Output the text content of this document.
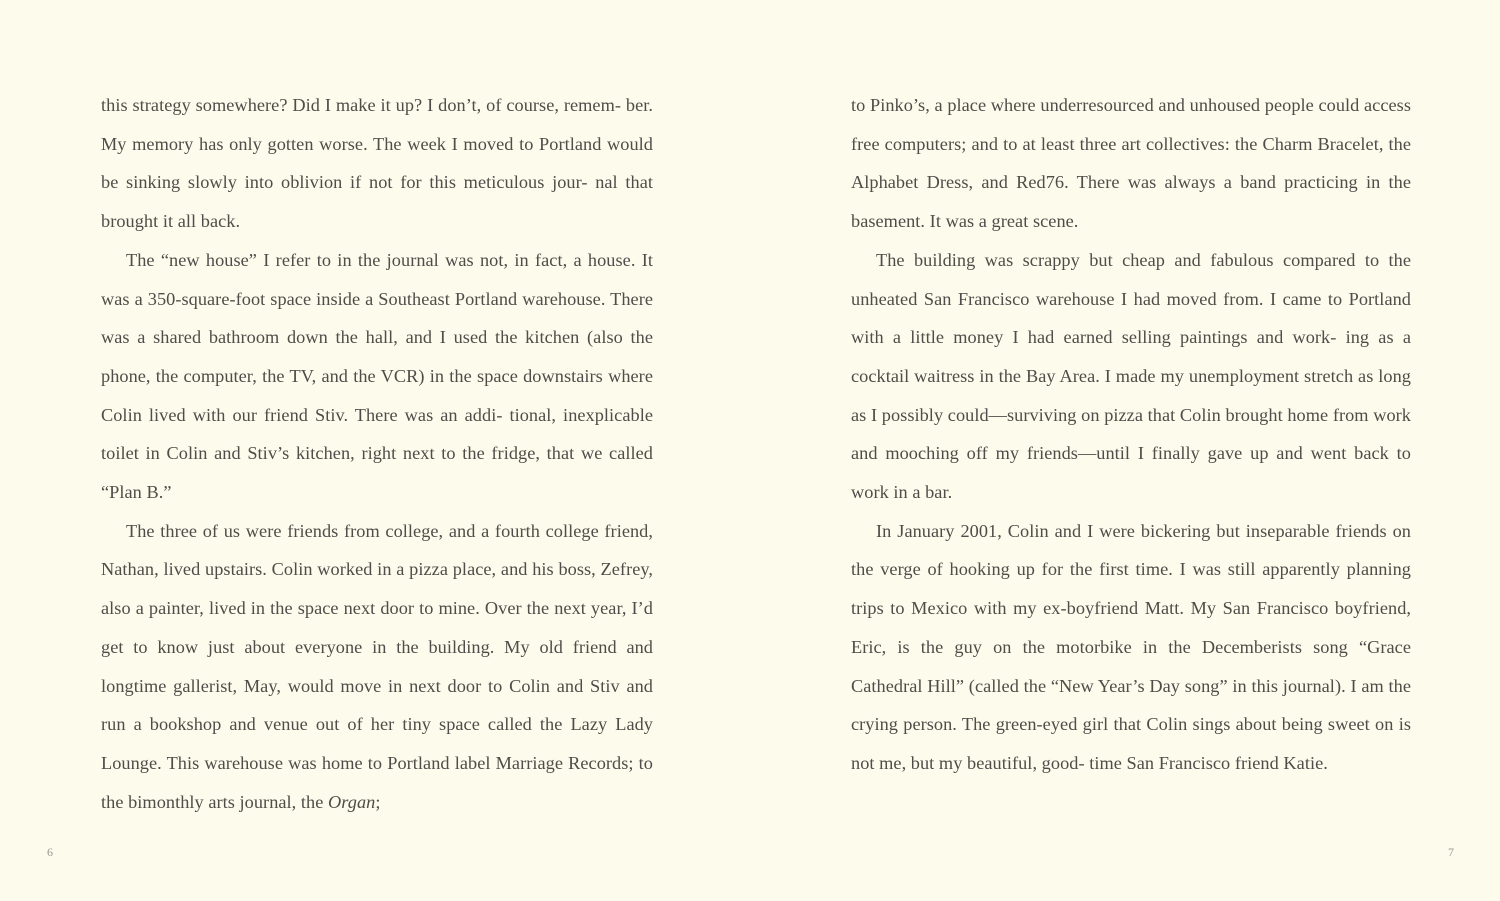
this strategy somewhere? Did I make it up? I don’t, of course, remem- ber. My memory has only gotten worse. The week I moved to Portland would be sinking slowly into oblivion if not for this meticulous jour- nal that brought it all back.

The “new house” I refer to in the journal was not, in fact, a house. It was a 350-square-foot space inside a Southeast Portland warehouse. There was a shared bathroom down the hall, and I used the kitchen (also the phone, the computer, the TV, and the VCR) in the space downstairs where Colin lived with our friend Stiv. There was an addi- tional, inexplicable toilet in Colin and Stiv’s kitchen, right next to the fridge, that we called “Plan B.”

The three of us were friends from college, and a fourth college friend, Nathan, lived upstairs. Colin worked in a pizza place, and his boss, Zefrey, also a painter, lived in the space next door to mine. Over the next year, I’d get to know just about everyone in the building. My old friend and longtime gallerist, May, would move in next door to Colin and Stiv and run a bookshop and venue out of her tiny space called the Lazy Lady Lounge. This warehouse was home to Portland label Marriage Records; to the bimonthly arts journal, the Organ;

6

to Pinko’s, a place where underresourced and unhoused people could access free computers; and to at least three art collectives: the Charm Bracelet, the Alphabet Dress, and Red76. There was always a band practicing in the basement. It was a great scene.

The building was scrappy but cheap and fabulous compared to the unheated San Francisco warehouse I had moved from. I came to Portland with a little money I had earned selling paintings and work- ing as a cocktail waitress in the Bay Area. I made my unemployment stretch as long as I possibly could—surviving on pizza that Colin brought home from work and mooching off my friends—until I finally gave up and went back to work in a bar.

In January 2001, Colin and I were bickering but inseparable friends on the verge of hooking up for the first time. I was still apparently planning trips to Mexico with my ex-boyfriend Matt. My San Francisco boyfriend, Eric, is the guy on the motorbike in the Decemberists song “Grace Cathedral Hill” (called the “New Year’s Day song” in this journal). I am the crying person. The green-eyed girl that Colin sings about being sweet on is not me, but my beautiful, good- time San Francisco friend Katie.

7
